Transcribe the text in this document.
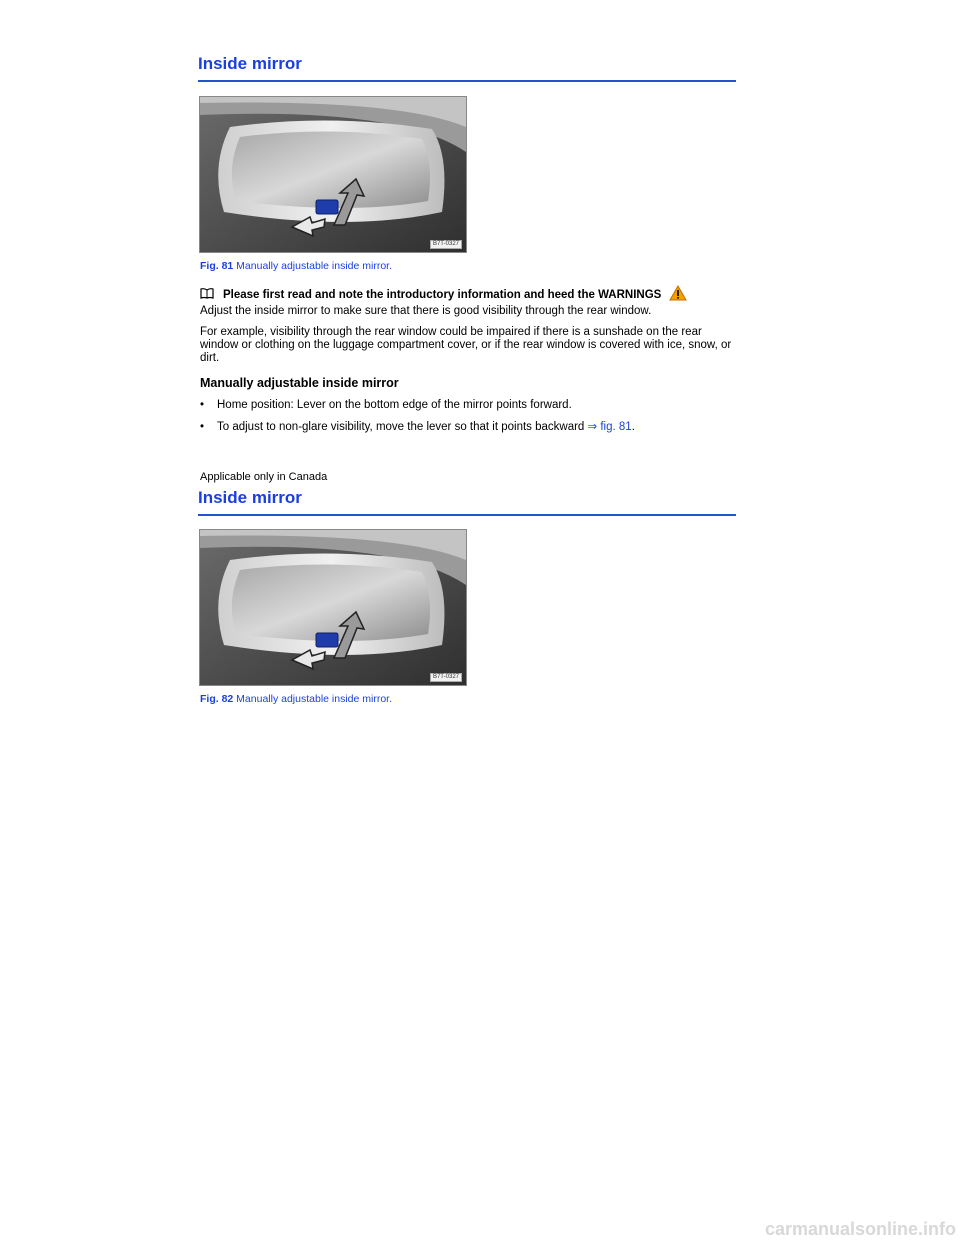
Inside mirror
B7T-0327
Fig. 81 Manually adjustable inside mirror.
Please first read and note the introductory information and heed the WARNINGS
Adjust the inside mirror to make sure that there is good visibility through the rear window.
For example, visibility through the rear window could be impaired if there is a sunshade on the rear window or clothing on the luggage compartment cover, or if the rear window is covered with ice, snow, or dirt.
Manually adjustable inside mirror
• Home position: Lever on the bottom edge of the mirror points forward.
• To adjust to non-glare visibility, move the lever so that it points backward ⇒ fig. 81.
Applicable only in Canada
Inside mirror
B7T-0327
Fig. 82 Manually adjustable inside mirror.
carmanualsonline.info
